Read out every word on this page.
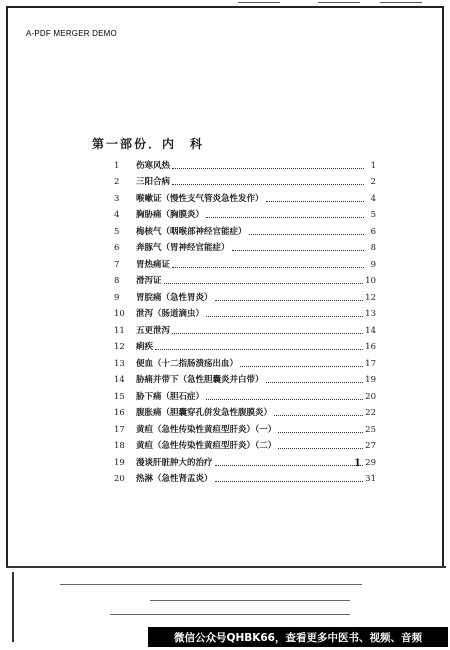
A-PDF MERGER DEMO
第一部份．内　科
1	伤寒风热	1
2	三阳合病	2
3	喉嗽证（慢性支气管炎急性发作）	4
4	胸胁痛（胸膜炎）	5
5	梅核气（咽喉部神经官能症）	6
6	奔豚气（胃神经官能症）	8
7	胃热痛证	9
8	滑泻证	10
9	胃脘痛（急性胃炎）	12
10	泄泻（肠道滴虫）	13
11	五更泄泻	14
12	痢疾	16
13	便血（十二指肠溃疡出血）	17
14	胁痛并带下（急性胆囊炎并白带）	19
15	胁下痛（胆石症）	20
16	腹胀痛（胆囊穿孔併发急性腹膜炎）	22
17	黄疸（急性传染性黄疸型肝炎）（一）	25
18	黄疸（急性传染性黄疸型肝炎）（二）	27
19	漫谈肝脏肿大的治疗	29
20	热淋（急性肾盂炎）	31
1
微信公众号QHBK66，查看更多中医书、视频、音频
